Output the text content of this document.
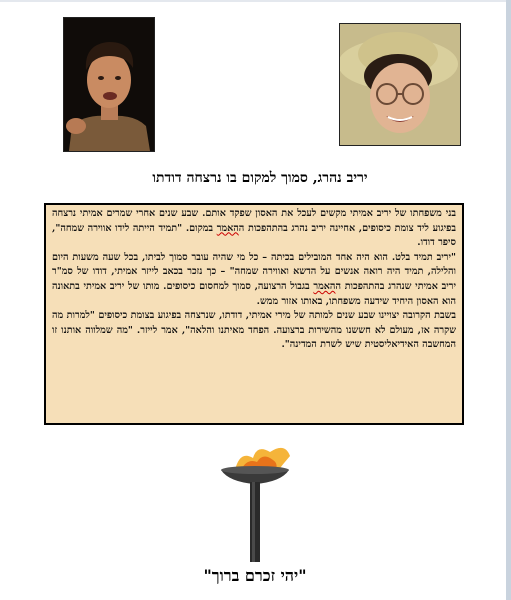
יריב נהרג, סמוך למקום בו נרצחה דודתו

בני משפחתו של יריב אמיתי מקשים לעכל את האסון שפקד אותם. שבע שנים אחרי שמרים אמיתי נרצחה בפיגוע ליד צומת כיסופים, אחיינה יריב נהרג בהתהפכות ההאמר במקום. "תמיד הייתה לידו אווירה שמחה", סיפר דודו.

"יריב תמיד בלט. הוא היה אחד המובילים בכיתה – כל מי שהיה עובר סמוך לביתו, בכל שעה משעות היום והלילה, תמיד היה רואה אנשים על הדשא ואווירה שמחה" – כך נזכר בכאב לייזר אמיתי, דודו של סמ"ר יריב אמיתי שנהרג בהתהפכות ההאמר בגבול הרצועה, סמוך למחסום כיסופים. מותו של יריב אמיתי בתאונה הוא האסון היחיד שידעה משפחתו, באותו אזור ממש.

בשבת הקרובה יצויינו שבע שנים למותה של מירי אמיתי, דודתו, שנרצחה בפיגוע בצומת כיסופים "למרות מה שקרה אז, מעולם לא חששנו מהשירות ברצועה. הפחד מאיתנו והלאה", אמר לייזר. "מה שמלווה אותנו זו המחשבה האידיאליסטית שיש לשרת המדינה".

"יהי זכרם ברוך"
